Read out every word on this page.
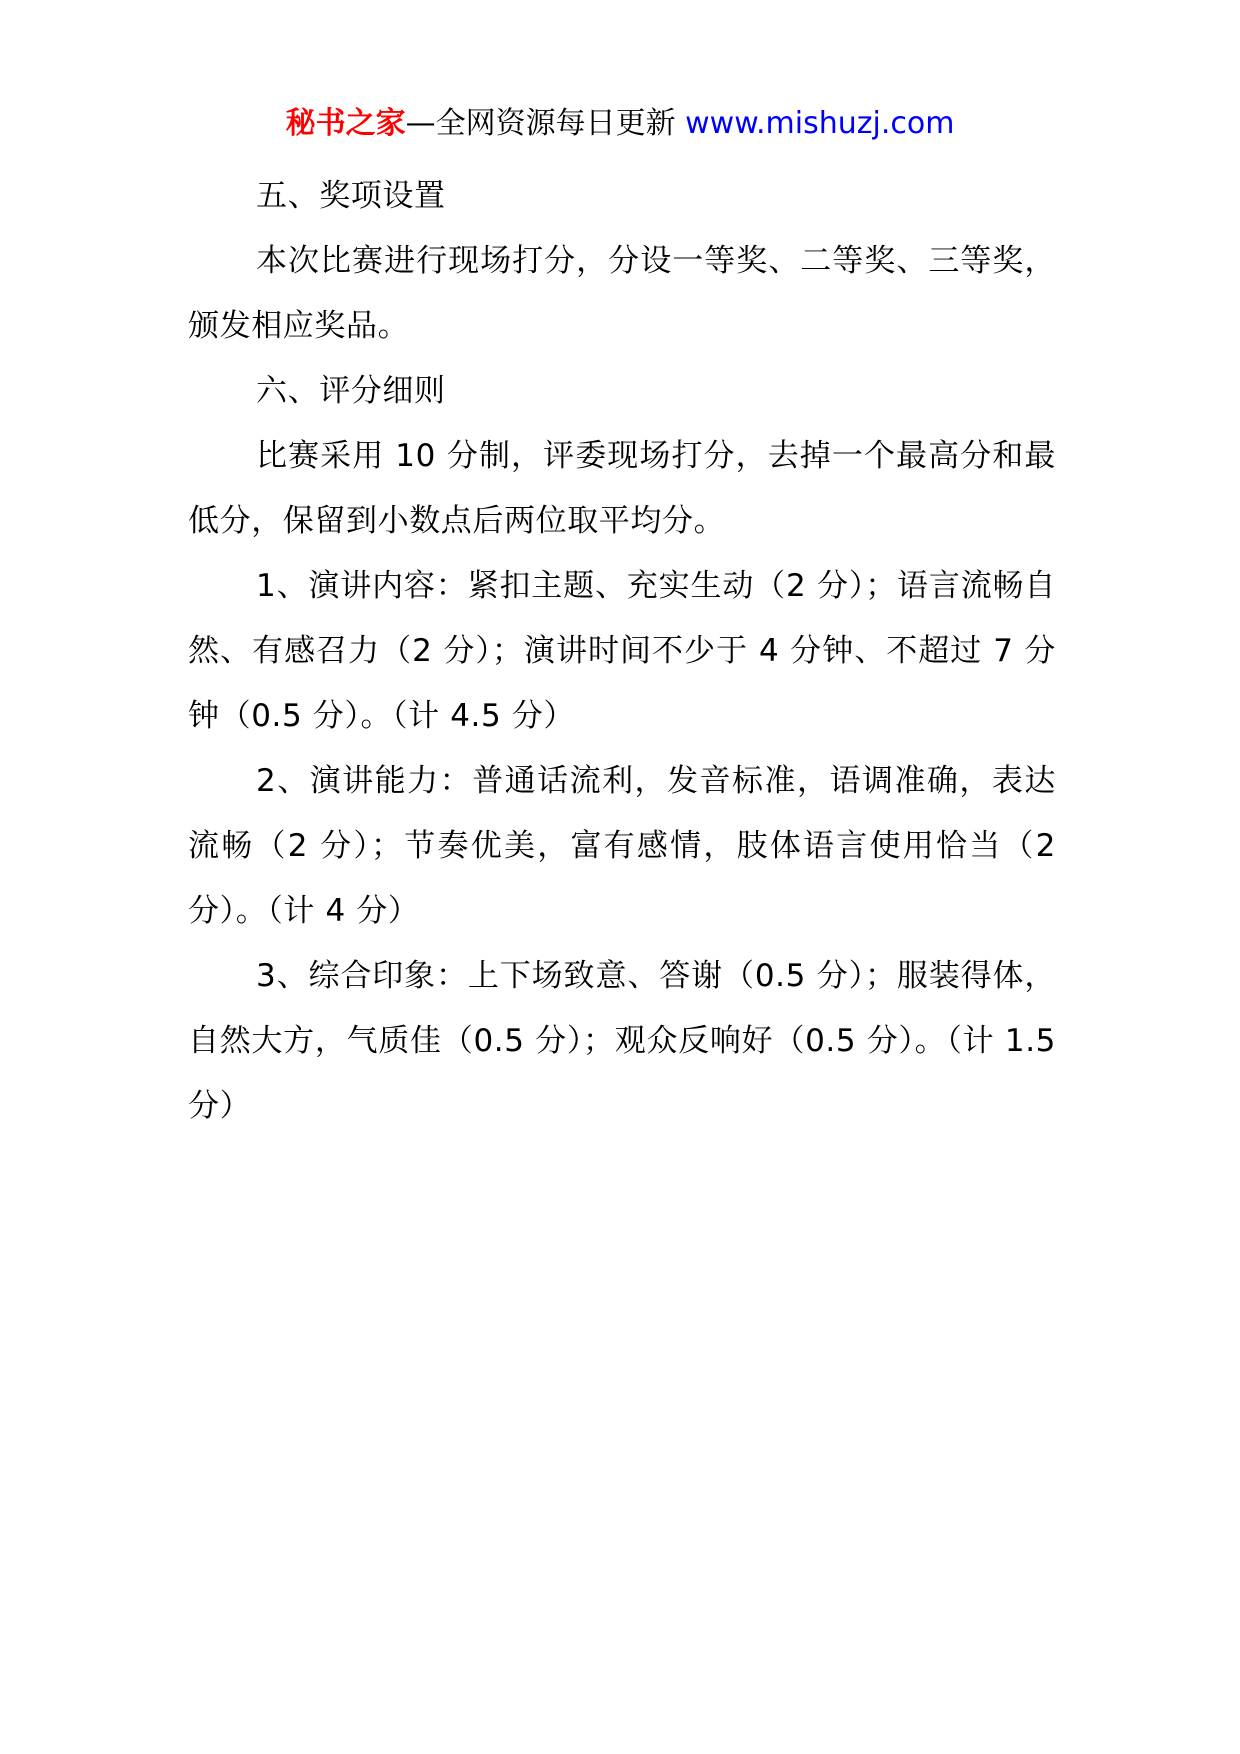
秘书之家—全网资源每日更新 www.mishuzj.com

五、奖项设置

本次比赛进行现场打分，分设一等奖、二等奖、三等奖，颁发相应奖品。

六、评分细则

比赛采用 10 分制，评委现场打分，去掉一个最高分和最低分，保留到小数点后两位取平均分。

1、演讲内容：紧扣主题、充实生动（2 分）；语言流畅自然、有感召力（2 分）；演讲时间不少于 4 分钟、不超过 7 分钟（0.5 分）。（计 4.5 分）

2、演讲能力：普通话流利，发音标准，语调准确，表达流畅（2 分）；节奏优美，富有感情，肢体语言使用恰当（2分）。（计 4 分）

3、综合印象：上下场致意、答谢（0.5 分）；服装得体，自然大方，气质佳（0.5 分）；观众反响好（0.5 分）。（计 1.5 分）
